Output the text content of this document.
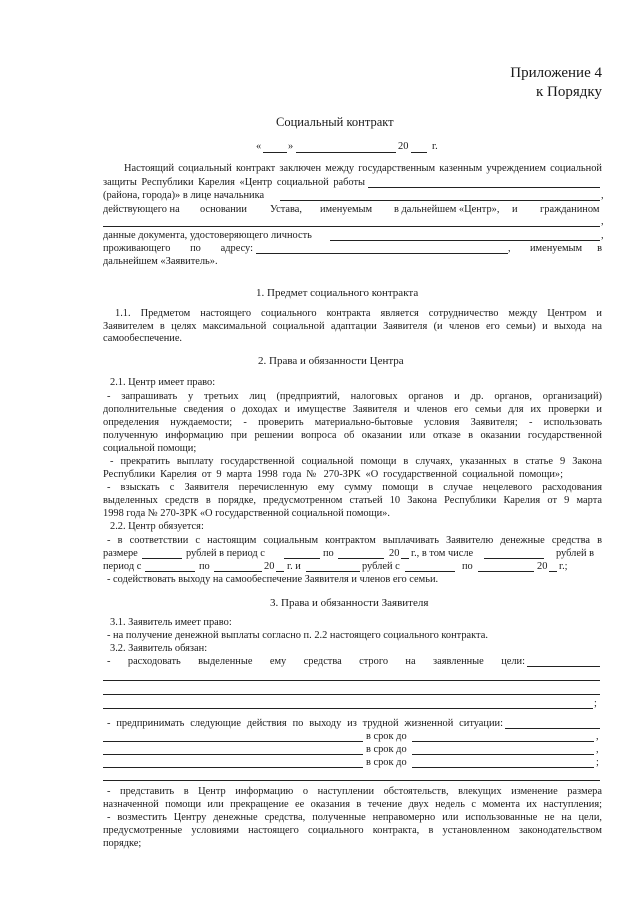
Приложение 4
к Порядку
Социальный контракт
«	»	20 г.
Настоящий социальный контракт заключен между государственным казенным учреждением социальной
защиты Республики Карелия «Центр социальной работы
(района, города)» в лице начальника	,
действующего на основании Устава, именуемым в дальнейшем «Центр», и гражданином
,
данные документа, удостоверяющего личность	,
проживающего по адресу:	, именуемым в
дальнейшем «Заявитель».
1. Предмет социального контракта
1.1. Предметом настоящего социального контракта является сотрудничество между Центром и
Заявителем в целях максимальной социальной адаптации Заявителя (и членов его семьи) и выхода на
самообеспечение.
2. Права и обязанности Центра
2.1. Центр имеет право:
- запрашивать у третьих лиц (предприятий, налоговых органов и др. органов, организаций)
дополнительные сведения о доходах и имуществе Заявителя и членов его семьи для их проверки и
определения нуждаемости; - проверить материально-бытовые условия Заявителя; - использовать
полученную информацию при решении вопроса об оказании или отказе в оказании государственной
социальной помощи;
- прекратить выплату государственной социальной помощи в случаях, указанных в статье 9 Закона
Республики Карелия от 9 марта 1998 года № 270-ЗРК «О государственной социальной помощи»;
- взыскать с Заявителя перечисленную ему сумму помощи в случае нецелевого расходования
выделенных средств в порядке, предусмотренном статьей 10 Закона Республики Карелия от 9 марта
1998 года № 270-ЗРК «О государственной социальной помощи».
2.2. Центр обязуется:
- в соответствии с настоящим социальным контрактом выплачивать Заявителю денежные средства в
размере	рублей в период с	по	20 г., в том числе	рублей в
период с	по	20 г. и	рублей с	по	20 г.;
- содействовать выходу на самообеспечение Заявителя и членов его семьи.
3. Права и обязанности Заявителя
3.1. Заявитель имеет право:
- на получение денежной выплаты согласно п. 2.2 настоящего социального контракта.
3.2. Заявитель обязан:
- расходовать выделенные ему средства строго на заявленные цели:
;
- предпринимать следующие действия по выходу из трудной жизненной ситуации:
в срок до	,
в срок до	,
в срок до	;
- представить в Центр информацию о наступлении обстоятельств, влекущих изменение размера
назначенной помощи или прекращение ее оказания в течение двух недель с момента их наступления;
- возместить Центру денежные средства, полученные неправомерно или использованные не на цели,
предусмотренные условиями настоящего социального контракта, в установленном законодательством
порядке;
